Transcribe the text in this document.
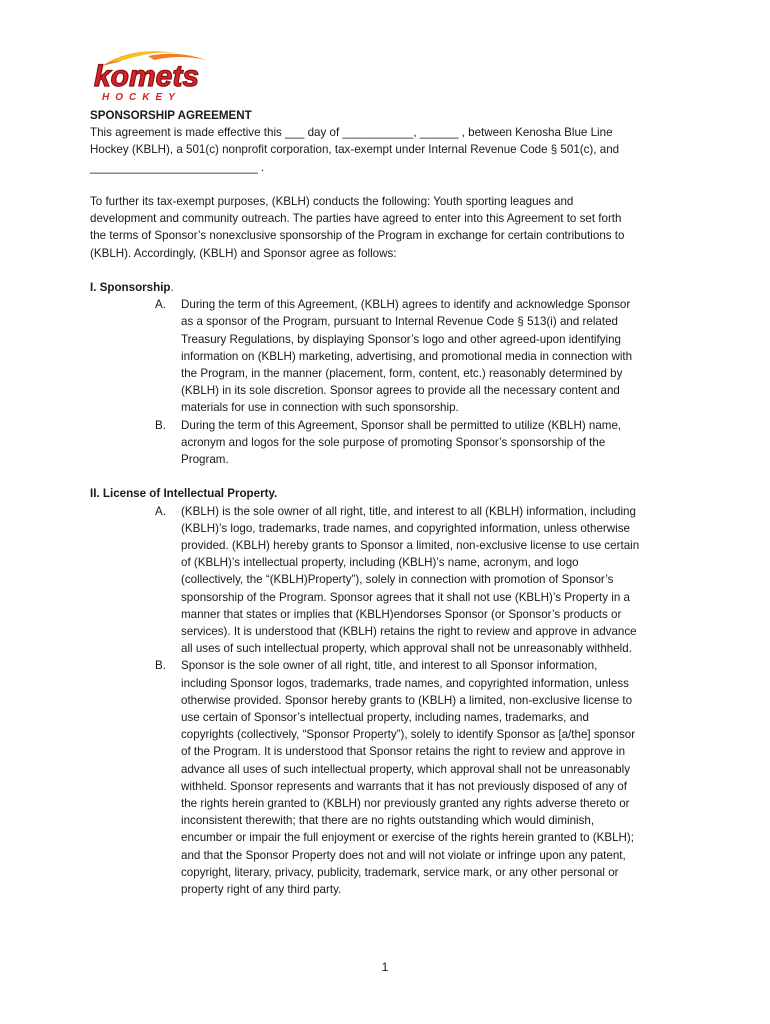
komets
HOCKEY

SPONSORSHIP AGREEMENT

This agreement is made effective this ___ day of ___________, ______ , between Kenosha Blue Line

Hockey (KBLH), a 501(c) nonprofit corporation, tax-exempt under Internal Revenue Code § 501(c), and

__________________________ .

To further its tax-exempt purposes, (KBLH) conducts the following: Youth sporting leagues and

development and community outreach. The parties have agreed to enter into this Agreement to set forth

the terms of Sponsor’s nonexclusive sponsorship of the Program in exchange for certain contributions to

(KBLH). Accordingly, (KBLH) and Sponsor agree as follows:

I. Sponsorship.

A.	During the term of this Agreement, (KBLH) agrees to identify and acknowledge Sponsor

as a sponsor of the Program, pursuant to Internal Revenue Code § 513(i) and related

Treasury Regulations, by displaying Sponsor’s logo and other agreed-upon identifying

information on (KBLH) marketing, advertising, and promotional media in connection with

the Program, in the manner (placement, form, content, etc.) reasonably determined by

(KBLH) in its sole discretion. Sponsor agrees to provide all the necessary content and

materials for use in connection with such sponsorship.

B.	During the term of this Agreement, Sponsor shall be permitted to utilize (KBLH) name,

acronym and logos for the sole purpose of promoting Sponsor’s sponsorship of the

Program.

II. License of Intellectual Property.

A.	(KBLH) is the sole owner of all right, title, and interest to all (KBLH) information, including

(KBLH)’s logo, trademarks, trade names, and copyrighted information, unless otherwise

provided. (KBLH) hereby grants to Sponsor a limited, non-exclusive license to use certain

of (KBLH)’s intellectual property, including (KBLH)’s name, acronym, and logo

(collectively, the “(KBLH)Property”), solely in connection with promotion of Sponsor’s

sponsorship of the Program. Sponsor agrees that it shall not use (KBLH)’s Property in a

manner that states or implies that (KBLH)endorses Sponsor (or Sponsor’s products or

services). It is understood that (KBLH) retains the right to review and approve in advance

all uses of such intellectual property, which approval shall not be unreasonably withheld.

B.	Sponsor is the sole owner of all right, title, and interest to all Sponsor information,

including Sponsor logos, trademarks, trade names, and copyrighted information, unless

otherwise provided. Sponsor hereby grants to (KBLH) a limited, non-exclusive license to

use certain of Sponsor’s intellectual property, including names, trademarks, and

copyrights (collectively, “Sponsor Property”), solely to identify Sponsor as [a/the] sponsor

of the Program. It is understood that Sponsor retains the right to review and approve in

advance all uses of such intellectual property, which approval shall not be unreasonably

withheld. Sponsor represents and warrants that it has not previously disposed of any of

the rights herein granted to (KBLH) nor previously granted any rights adverse thereto or

inconsistent therewith; that there are no rights outstanding which would diminish,

encumber or impair the full enjoyment or exercise of the rights herein granted to (KBLH);

and that the Sponsor Property does not and will not violate or infringe upon any patent,

copyright, literary, privacy, publicity, trademark, service mark, or any other personal or

property right of any third party.

1
